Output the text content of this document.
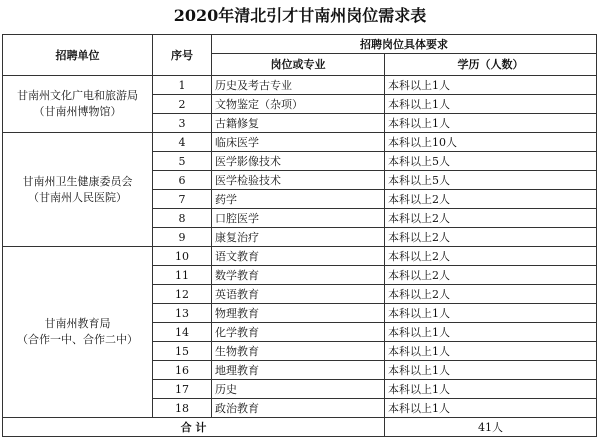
2020年清北引才甘南州岗位需求表
招聘单位	序号	招聘岗位具体要求	
		岗位或专业	学历（人数）

甘南州文化广电和旅游局
（甘南州博物馆）	1	历史及考古专业	本科以上1人
	2	文物鉴定（杂项）	本科以上1人
	3	古籍修复	本科以上1人

甘南州卫生健康委员会
（甘南州人民医院）	4	临床医学	本科以上10人
	5	医学影像技术	本科以上5人
	6	医学检验技术	本科以上5人
	7	药学	本科以上2人
	8	口腔医学	本科以上2人
	9	康复治疗	本科以上2人

甘南州教育局
（合作一中、合作二中）	10	语文教育	本科以上2人
	11	数学教育	本科以上2人
	12	英语教育	本科以上2人
	13	物理教育	本科以上1人
	14	化学教育	本科以上1人
	15	生物教育	本科以上1人
	16	地理教育	本科以上1人
	17	历史	本科以上1人
	18	政治教育	本科以上1人
合 计			41人
